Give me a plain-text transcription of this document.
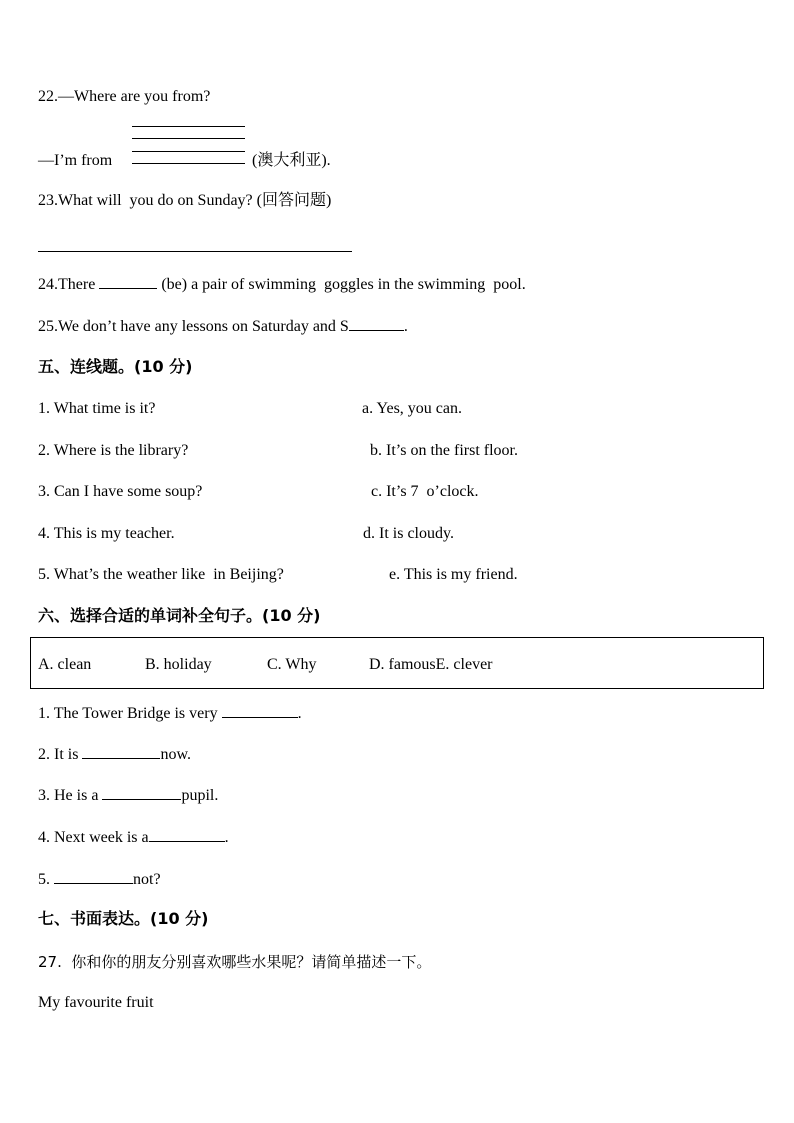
22.—Where are you from?
—I’m from	(澳大利亚).
23.What will  you do on Sunday? (回答问题)
24.There	(be) a pair of swimming  goggles in the swimming  pool.
25.We don’t have any lessons on Saturday and S	.
五、连线题。(10 分)
1. What time is it?	a. Yes, you can.
2. Where is the library?	b. It’s on the first floor.
3. Can I have some soup?	c. It’s 7  o’clock.
4. This is my teacher.	d. It is cloudy.
5. What’s the weather like  in Beijing?	e. This is my friend.
六、选择合适的单词补全句子。(10 分)
A. clean	B. holiday	C. Why	D. famousE. clever
1. The Tower Bridge is very	.
2. It is	now.
3. He is a	pupil.
4. Next week is a	.
5.	not?
七、书面表达。(10 分)
27.  你和你的朋友分别喜欢哪些水果呢？请简单描述一下。
My favourite fruit
